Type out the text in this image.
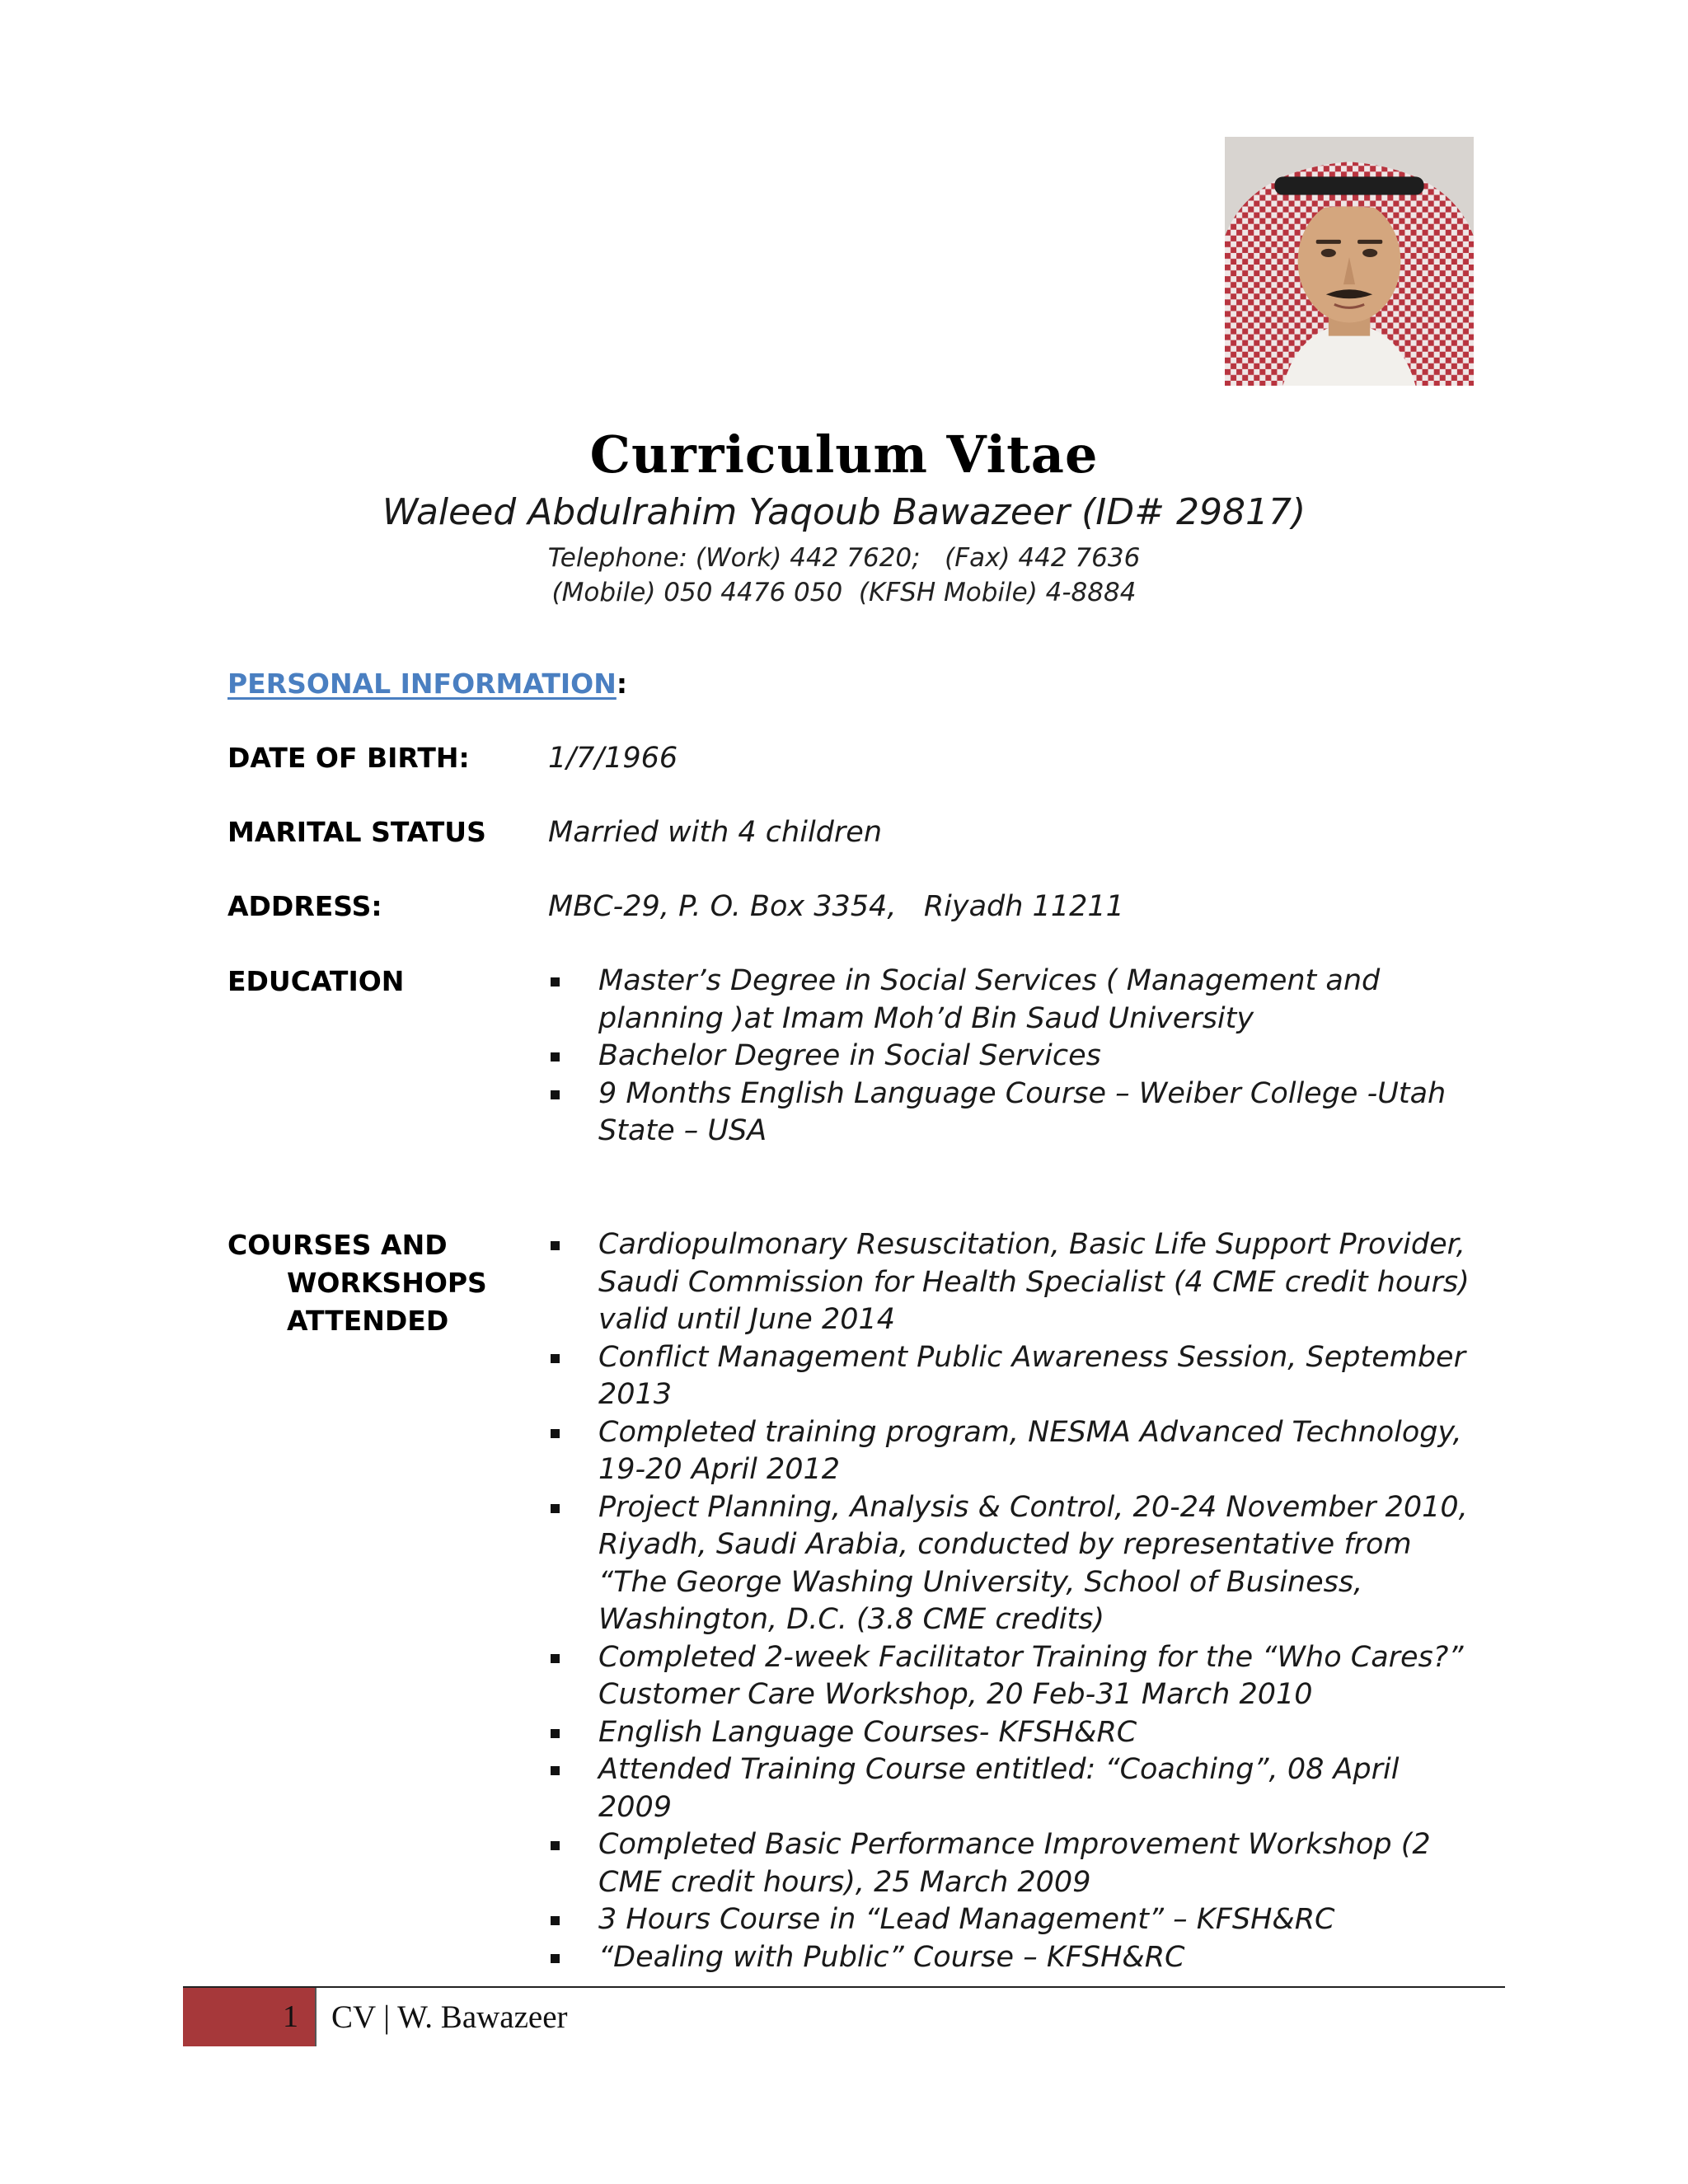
Curriculum Vitae
Waleed Abdulrahim Yaqoub Bawazeer (ID# 29817)
Telephone: (Work) 442 7620;   (Fax) 442 7636
(Mobile) 050 4476 050  (KFSH Mobile) 4-8884
PERSONAL INFORMATION:
DATE OF BIRTH:	1/7/1966
MARITAL STATUS Married with 4 children
ADDRESS:	MBC-29, P. O. Box 3354,   Riyadh 11211
EDUCATION	Master’s Degree in Social Services ( Management and planning )at Imam Moh’d Bin Saud University
Bachelor Degree in Social Services
9 Months English Language Course – Weiber College -Utah State – USA
COURSES AND
WORKSHOPS
ATTENDED
Cardiopulmonary Resuscitation, Basic Life Support Provider, Saudi Commission for Health Specialist (4 CME credit hours) valid until June 2014
Conflict Management Public Awareness Session, September 2013
Completed training program, NESMA Advanced Technology, 19-20 April 2012
Project Planning, Analysis & Control, 20-24 November 2010, Riyadh, Saudi Arabia, conducted by representative from “The George Washing University, School of Business, Washington, D.C. (3.8 CME credits)
Completed 2-week Facilitator Training for the “Who Cares?” Customer Care Workshop, 20 Feb-31 March 2010
English Language Courses- KFSH&RC
Attended Training Course entitled: “Coaching”, 08 April 2009
Completed Basic Performance Improvement Workshop (2 CME credit hours), 25 March 2009
3 Hours Course in “Lead Management” – KFSH&RC
“Dealing with Public” Course – KFSH&RC
1 CV | W. Bawazeer
